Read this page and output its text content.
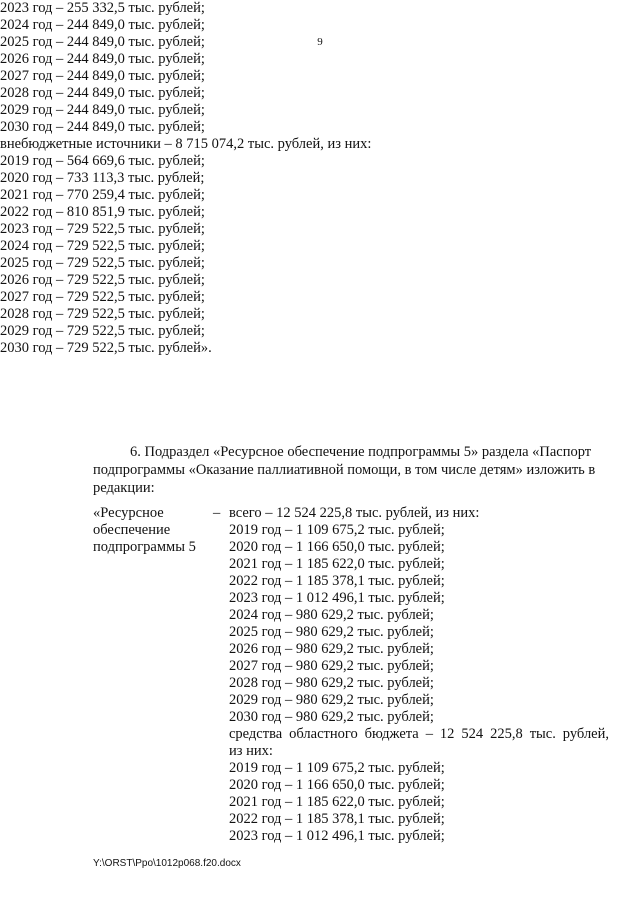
9
2023 год – 255 332,5 тыс. рублей;
2024 год – 244 849,0 тыс. рублей;
2025 год – 244 849,0 тыс. рублей;
2026 год – 244 849,0 тыс. рублей;
2027 год – 244 849,0 тыс. рублей;
2028 год – 244 849,0 тыс. рублей;
2029 год – 244 849,0 тыс. рублей;
2030 год – 244 849,0 тыс. рублей;
внебюджетные источники – 8 715 074,2 тыс. рублей, из них:
2019 год – 564 669,6 тыс. рублей;
2020 год – 733 113,3 тыс. рублей;
2021 год – 770 259,4 тыс. рублей;
2022 год – 810 851,9 тыс. рублей;
2023 год – 729 522,5 тыс. рублей;
2024 год – 729 522,5 тыс. рублей;
2025 год – 729 522,5 тыс. рублей;
2026 год – 729 522,5 тыс. рублей;
2027 год – 729 522,5 тыс. рублей;
2028 год – 729 522,5 тыс. рублей;
2029 год – 729 522,5 тыс. рублей;
2030 год – 729 522,5 тыс. рублей».
6. Подраздел «Ресурсное обеспечение подпрограммы 5» раздела «Паспорт подпрограммы «Оказание паллиативной помощи, в том числе детям» изложить в редакции:
«Ресурсное
обеспечение
подпрограммы 5
– всего – 12 524 225,8 тыс. рублей, из них:
2019 год – 1 109 675,2 тыс. рублей;
2020 год – 1 166 650,0 тыс. рублей;
2021 год – 1 185 622,0 тыс. рублей;
2022 год – 1 185 378,1 тыс. рублей;
2023 год – 1 012 496,1 тыс. рублей;
2024 год – 980 629,2 тыс. рублей;
2025 год – 980 629,2 тыс. рублей;
2026 год – 980 629,2 тыс. рублей;
2027 год – 980 629,2 тыс. рублей;
2028 год – 980 629,2 тыс. рублей;
2029 год – 980 629,2 тыс. рублей;
2030 год – 980 629,2 тыс. рублей;
средства областного бюджета – 12 524 225,8 тыс. рублей,
из них:
2019 год – 1 109 675,2 тыс. рублей;
2020 год – 1 166 650,0 тыс. рублей;
2021 год – 1 185 622,0 тыс. рублей;
2022 год – 1 185 378,1 тыс. рублей;
2023 год – 1 012 496,1 тыс. рублей;
Y:\ORST\Ppo\1012p068.f20.docx
